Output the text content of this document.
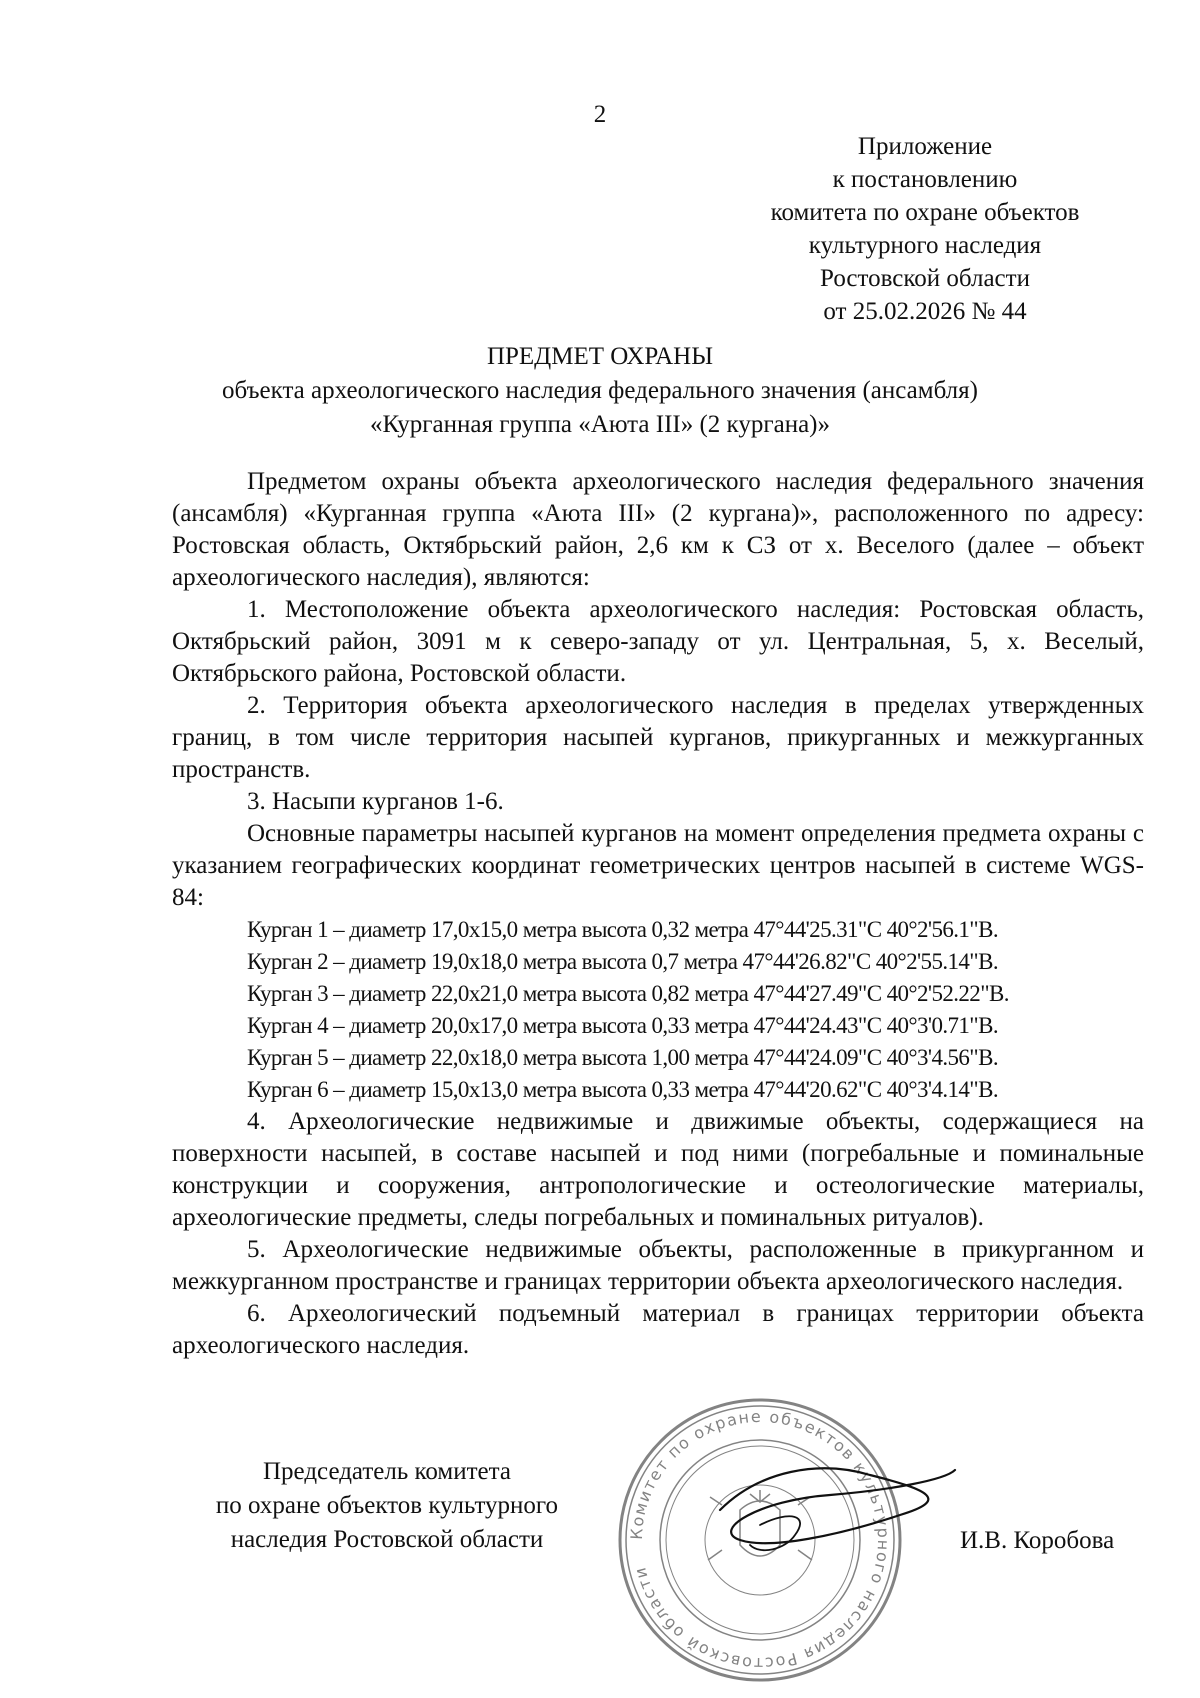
2
Приложение
к постановлению
комитета по охране объектов
культурного наследия
Ростовской области
от 25.02.2026 № 44
ПРЕДМЕТ ОХРАНЫ
объекта археологического наследия федерального значения (ансамбля)
«Курганная группа «Аюта III» (2 кургана)»

Предметом охраны объекта археологического наследия федерального значения (ансамбля) «Курганная группа «Аюта III» (2 кургана)», расположенного по адресу: Ростовская область, Октябрьский район, 2,6 км к СЗ от х. Веселого (далее – объект археологического наследия), являются:

1. Местоположение объекта археологического наследия: Ростовская область, Октябрьский район, 3091 м к северо-западу от ул. Центральная, 5, х. Веселый, Октябрьского района, Ростовской области.

2. Территория объекта археологического наследия в пределах утвержденных границ, в том числе территория насыпей курганов, прикурганных и межкурганных пространств.

3. Насыпи курганов 1-6.

Основные параметры насыпей курганов на момент определения предмета охраны с указанием географических координат геометрических центров насыпей в системе WGS-84:

Курган 1 – диаметр 17,0х15,0 метра высота 0,32 метра 47°44'25.31"С 40°2'56.1"В.
Курган 2 – диаметр 19,0х18,0 метра высота 0,7 метра 47°44'26.82"С 40°2'55.14"В.
Курган 3 – диаметр 22,0х21,0 метра высота 0,82 метра 47°44'27.49"С 40°2'52.22"В.
Курган 4 – диаметр 20,0х17,0 метра высота 0,33 метра 47°44'24.43"С 40°3'0.71"В.
Курган 5 – диаметр 22,0х18,0 метра высота 1,00 метра 47°44'24.09"С 40°3'4.56"В.
Курган 6 – диаметр 15,0х13,0 метра высота 0,33 метра 47°44'20.62"С 40°3'4.14"В.

4. Археологические недвижимые и движимые объекты, содержащиеся на поверхности насыпей, в составе насыпей и под ними (погребальные и поминальные конструкции и сооружения, антропологические и остеологические материалы, археологические предметы, следы погребальных и поминальных ритуалов).

5. Археологические недвижимые объекты, расположенные в прикурганном и межкурганном пространстве и границах территории объекта археологического наследия.

6. Археологический подъемный материал в границах территории объекта археологического наследия.

Комитет по охране объектов культурного наследия Ростовской области
Председатель комитета
по охране объектов культурного
наследия Ростовской области	И.В. Коробова
